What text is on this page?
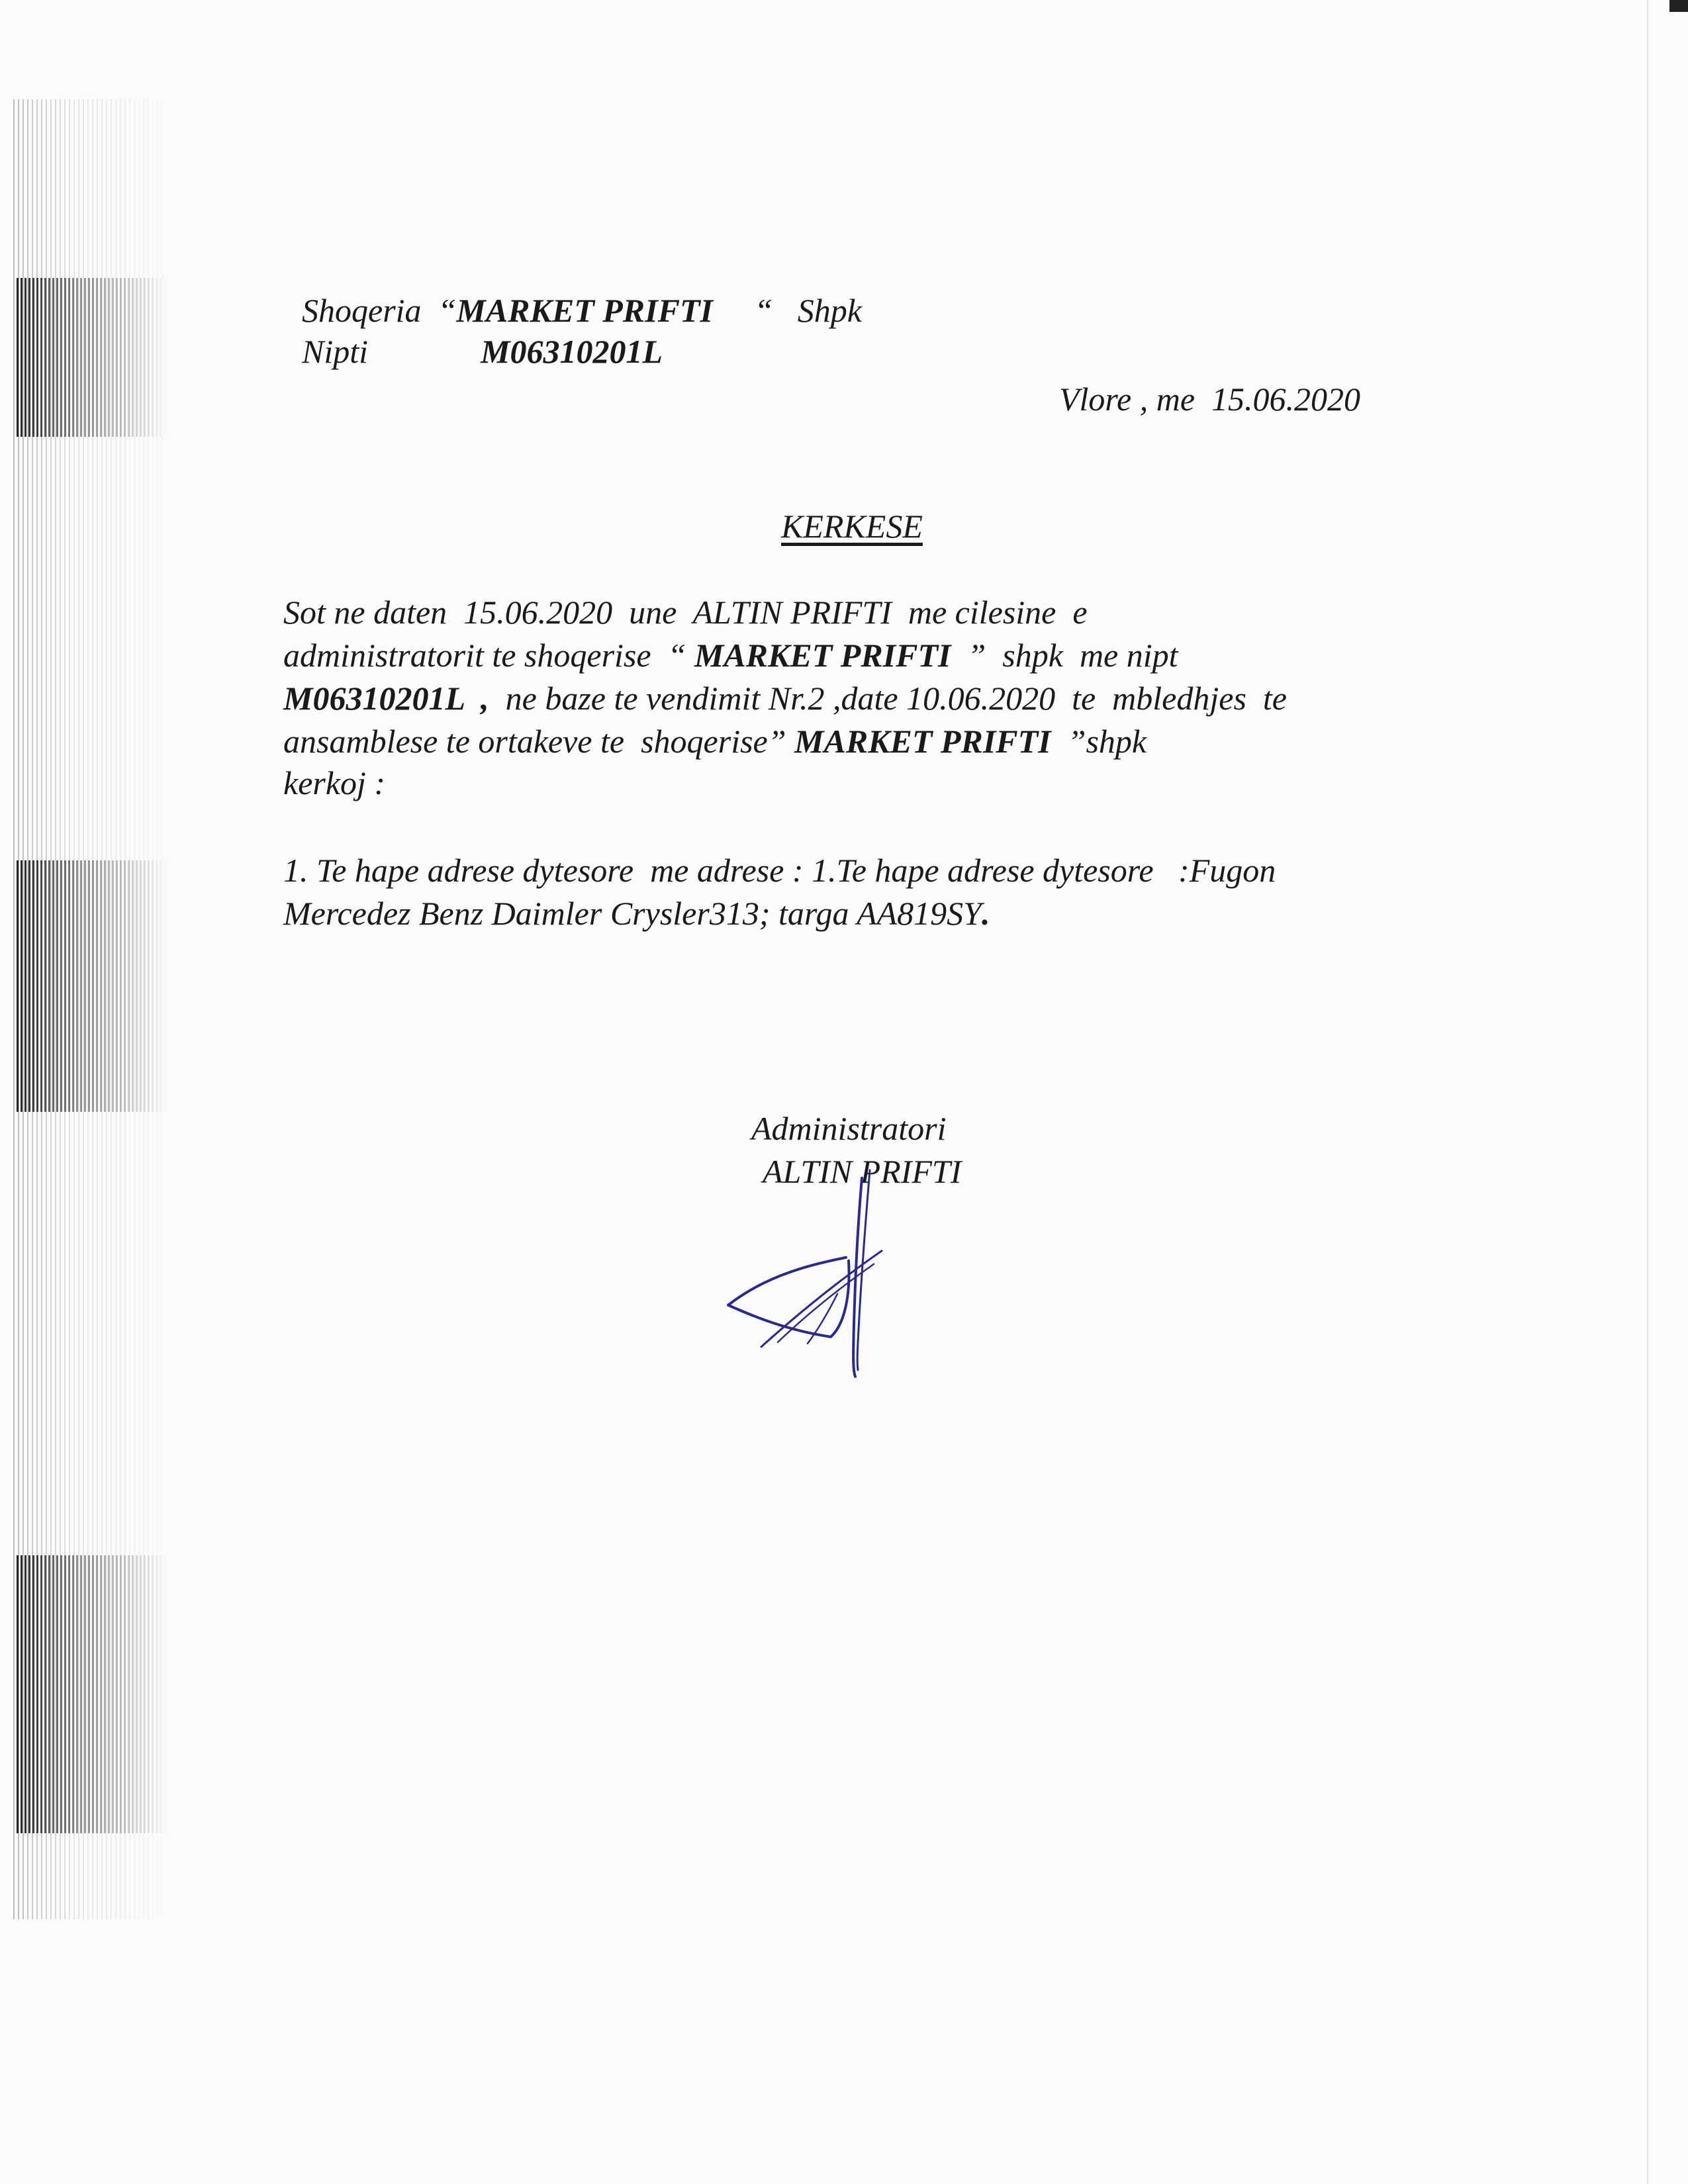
Shoqeria “MARKET PRIFTI “ Shpk
Nipti	M06310201L
Vlore , me  15.06.2020
KERKESE
Sot ne daten  15.06.2020  une  ALTIN PRIFTI  me cilesine  e
administratorit te shoqerise  “ MARKET PRIFTI  ”  shpk  me nipt
M06310201L  ,  ne baze te vendimit Nr.2 ,date 10.06.2020  te  mbledhjes  te
ansamblese te ortakeve te  shoqerise” MARKET PRIFTI  ”shpk
kerkoj :
1. Te hape adrese dytesore  me adrese : 1.Te hape adrese dytesore   :Fugon
Mercedez Benz Daimler Crysler313; targa AA819SY.
Administratori
ALTIN PRIFTI
